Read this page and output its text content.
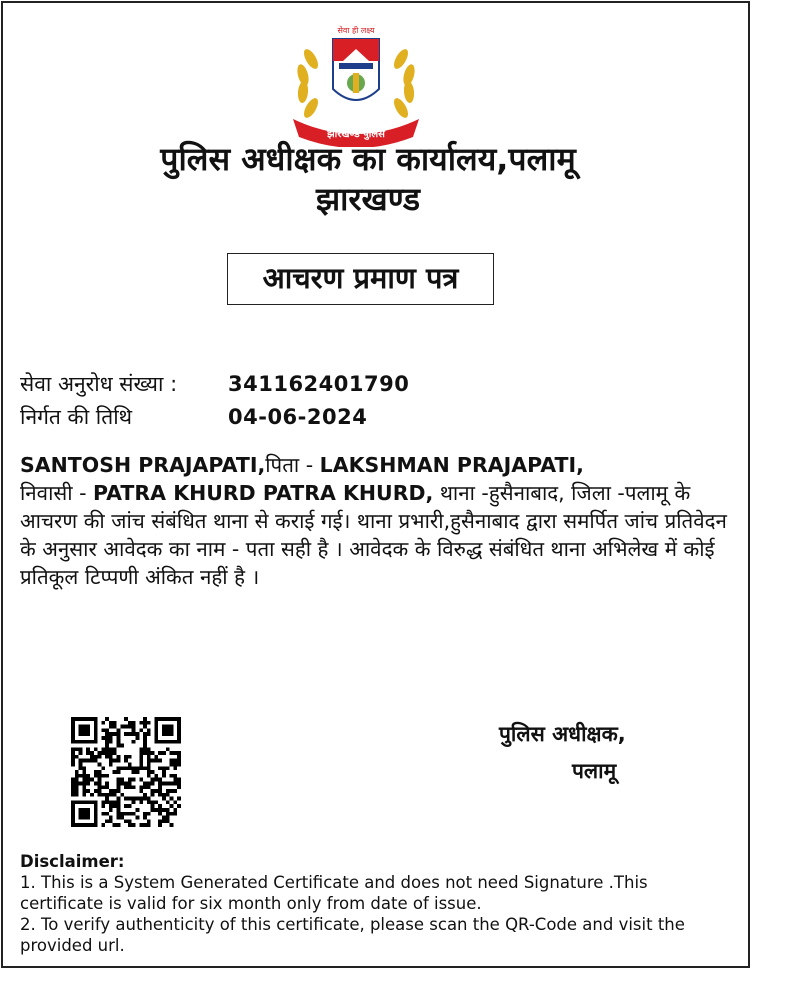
सेवा ही लक्ष्य
झारखण्ड पुलिस
पुलिस अधीक्षक का कार्यालय,पलामू
झारखण्ड
आचरण प्रमाण पत्र
सेवा अनुरोध संख्या : 341162401790
निर्गत की तिथि	04-06-2024
SANTOSH PRAJAPATI,पिता - LAKSHMAN PRAJAPATI,
निवासी - PATRA KHURD PATRA KHURD, थाना -हुसैनाबाद, जिला -पलामू के आचरण की जांच संबंधित थाना से कराई गई। थाना प्रभारी,हुसैनाबाद द्वारा समर्पित जांच प्रतिवेदन के अनुसार आवेदक का नाम - पता सही है । आवेदक के विरुद्ध संबंधित थाना अभिलेख में कोई प्रतिकूल टिप्पणी अंकित नहीं है ।
पुलिस अधीक्षक,
पलामू
Disclaimer:
1. This is a System Generated Certificate and does not need Signature .This certificate is valid for six month only from date of issue.
2. To verify authenticity of this certificate, please scan the QR-Code and visit the provided url.
